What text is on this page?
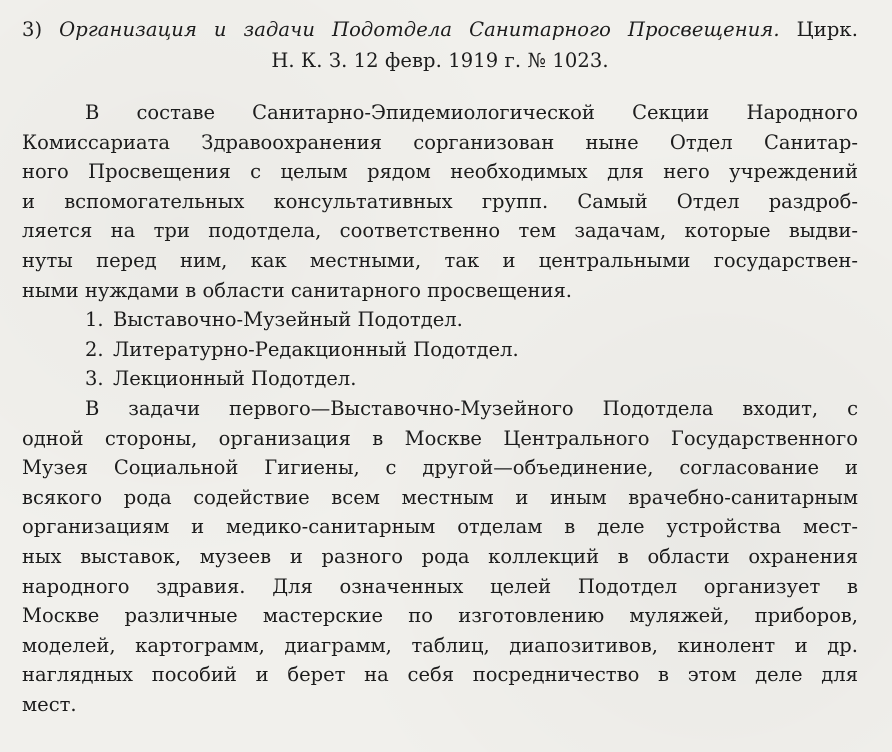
3) Организация и задачи Подотдела Санитарного Просвещения. Цирк.
Н. К. З. 12 февр. 1919 г. № 1023.
В составе Санитарно-Эпидемиологической Секции Народного
Комиссариата Здравоохранения сорганизован ныне Отдел Санитар-
ного Просвещения с целым рядом необходимых для него учреждений
и вспомогательных консультативных групп. Самый Отдел раздроб-
ляется на три подотдела, соответственно тем задачам, которые выдви-
нуты перед ним, как местными, так и центральными государствен-
ными нуждами в области санитарного просвещения.
1. Выставочно-Музейный Подотдел.
2. Литературно-Редакционный Подотдел.
3. Лекционный Подотдел.
В задачи первого—Выставочно-Музейного Подотдела входит, с
одной стороны, организация в Москве Центрального Государственного
Музея Социальной Гигиены, с другой—объединение, согласование и
всякого рода содействие всем местным и иным врачебно-санитарным
организациям и медико-санитарным отделам в деле устройства мест-
ных выставок, музеев и разного рода коллекций в области охранения
народного здравия. Для означенных целей Подотдел организует в
Москве различные мастерские по изготовлению муляжей, приборов,
моделей, картограмм, диаграмм, таблиц, диапозитивов, кинолент и др.
наглядных пособий и берет на себя посредничество в этом деле для
мест.
